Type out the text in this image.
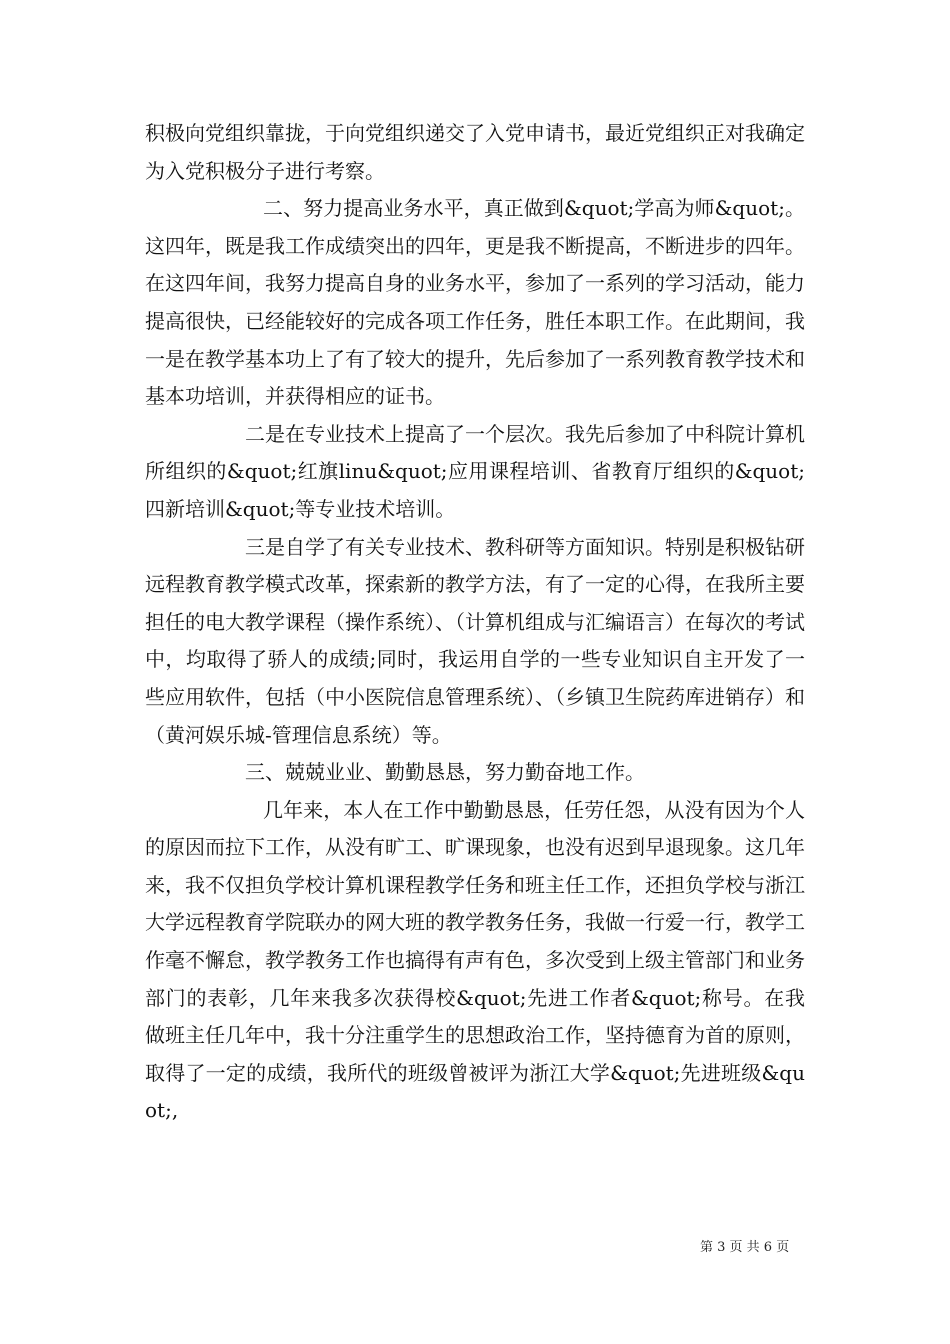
积极向党组织靠拢，于向党组织递交了入党申请书，最近党组织正对我确定为入党积极分子进行考察。

二、努力提高业务水平，真正做到&quot;学高为师&quot;。这四年，既是我工作成绩突出的四年，更是我不断提高，不断进步的四年。在这四年间，我努力提高自身的业务水平，参加了一系列的学习活动，能力提高很快，已经能较好的完成各项工作任务，胜任本职工作。在此期间，我一是在教学基本功上了有了较大的提升，先后参加了一系列教育教学技术和基本功培训，并获得相应的证书。

二是在专业技术上提高了一个层次。我先后参加了中科院计算机所组织的&quot;红旗linu&quot;应用课程培训、省教育厅组织的&quot;四新培训&quot;等专业技术培训。

三是自学了有关专业技术、教科研等方面知识。特别是积极钻研远程教育教学模式改革，探索新的教学方法，有了一定的心得，在我所主要担任的电大教学课程（操作系统）、（计算机组成与汇编语言）在每次的考试中，均取得了骄人的成绩;同时，我运用自学的一些专业知识自主开发了一些应用软件，包括（中小医院信息管理系统）、（乡镇卫生院药库进销存）和（黄河娱乐城-管理信息系统）等。

三、兢兢业业、勤勤恳恳，努力勤奋地工作。

几年来，本人在工作中勤勤恳恳，任劳任怨，从没有因为个人的原因而拉下工作，从没有旷工、旷课现象，也没有迟到早退现象。这几年来，我不仅担负学校计算机课程教学任务和班主任工作，还担负学校与浙江大学远程教育学院联办的网大班的教学教务任务，我做一行爱一行，教学工作毫不懈怠，教学教务工作也搞得有声有色，多次受到上级主管部门和业务部门的表彰，几年来我多次获得校&quot;先进工作者&quot;称号。在我做班主任几年中，我十分注重学生的思想政治工作，坚持德育为首的原则，取得了一定的成绩，我所代的班级曾被评为浙江大学&quot;先进班级&quot;,

第 3 页 共 6 页
